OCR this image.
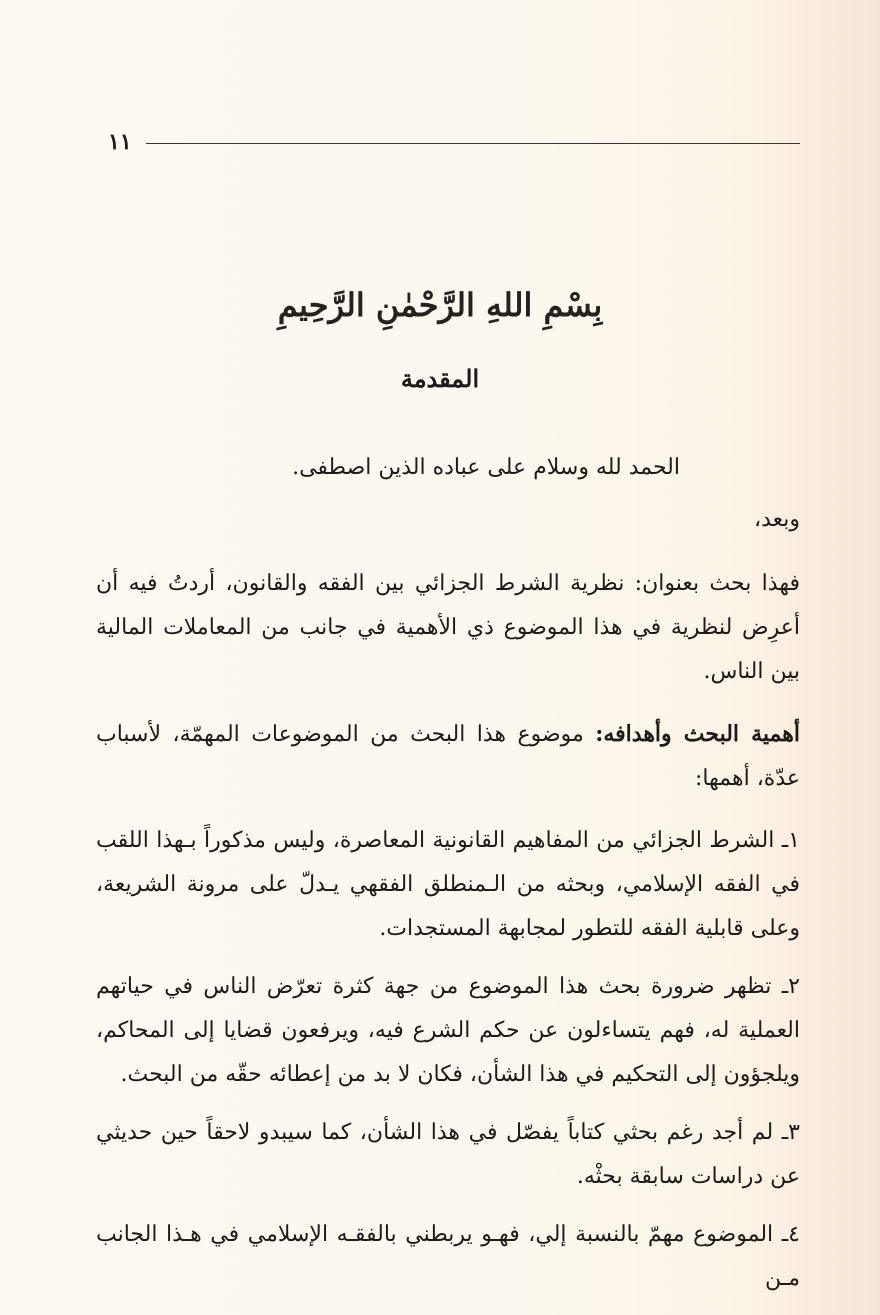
١١
بِسْمِ اللهِ الرَّحْمٰنِ الرَّحِيمِ
المقدمة

الحمد لله وسلام على عباده الذين اصطفى.

وبعد،

فهذا بحث بعنوان: نظرية الشرط الجزائي بين الفقه والقانون، أردتُ فيه أن أعرِض لنظرية في هذا الموضوع ذي الأهمية في جانب من المعاملات المالية بين الناس.

أهمية البحث وأهدافه: موضوع هذا البحث من الموضوعات المهمّة، لأسباب عدّة، أهمها:

١ـ الشرط الجزائي من المفاهيم القانونية المعاصرة، وليس مذكوراً بـهذا اللقب في الفقه الإسلامي، وبحثه من الـمنطلق الفقهي يـدلّ على مرونة الشريعة، وعلى قابلية الفقه للتطور لمجابهة المستجدات.

٢ـ تظهر ضرورة بحث هذا الموضوع من جهة كثرة تعرّض الناس في حياتهم العملية له، فهم يتساءلون عن حكم الشرع فيه، ويرفعون قضايا إلى المحاكم، ويلجؤون إلى التحكيم في هذا الشأن، فكان لا بد من إعطائه حقّه من البحث.

٣ـ لم أجد رغم بحثي كتاباً يفصّل في هذا الشأن، كما سيبدو لاحقاً حين حديثي عن دراسات سابقة بحثْه.

٤ـ الموضوع مهمّ بالنسبة إلي، فهـو يربطني بالفقـه الإسلامي في هـذا الجانب مـن
